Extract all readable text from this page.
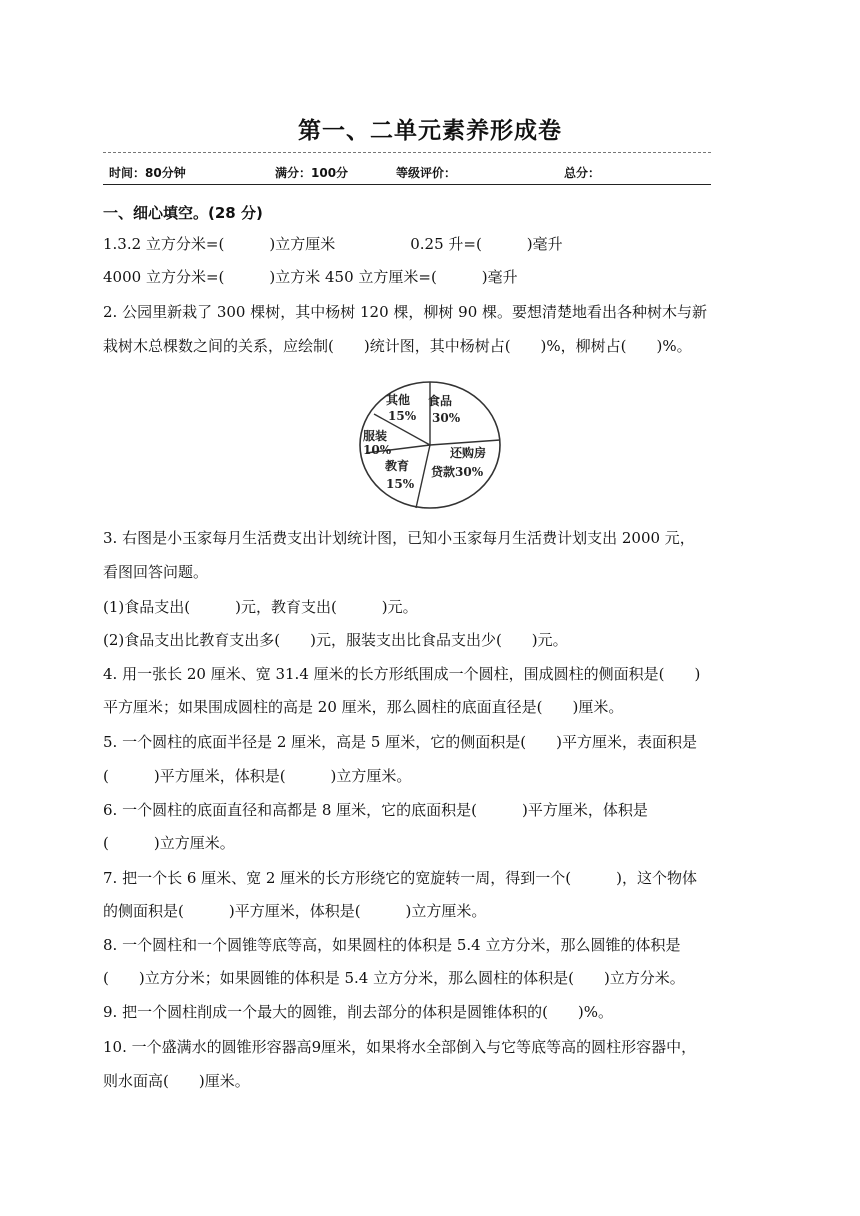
第一、二单元素养形成卷
时间：80分钟	满分：100分	等级评价：	总分：
一、细心填空。(28 分)
1.3.2 立方分米=(　　　)立方厘米　　　　　0.25 升=(　　　)毫升
4000 立方分米=(　　　)立方米 450 立方厘米=(　　　)毫升
2. 公园里新栽了 300 棵树，其中杨树 120 棵，柳树 90 棵。要想清楚地看出各种树木与新
栽树木总棵数之间的关系，应绘制(　　)统计图，其中杨树占(　　)%，柳树占(　　)%。
食品
30%
其他
15%
服装
10%
教育
15%
还购房
贷款30%
3. 右图是小玉家每月生活费支出计划统计图，已知小玉家每月生活费计划支出 2000 元，
看图回答问题。
(1)食品支出(　　　)元，教育支出(　　　)元。
(2)食品支出比教育支出多(　　)元，服装支出比食品支出少(　　)元。
4. 用一张长 20 厘米、宽 31.4 厘米的长方形纸围成一个圆柱，围成圆柱的侧面积是(　　)
平方厘米；如果围成圆柱的高是 20 厘米，那么圆柱的底面直径是(　　)厘米。
5. 一个圆柱的底面半径是 2 厘米，高是 5 厘米，它的侧面积是(　　)平方厘米，表面积是
(　　　)平方厘米，体积是(　　　)立方厘米。
6. 一个圆柱的底面直径和高都是 8 厘米，它的底面积是(　　　)平方厘米，体积是
(　　　)立方厘米。
7. 把一个长 6 厘米、宽 2 厘米的长方形绕它的宽旋转一周，得到一个(　　　)，这个物体
的侧面积是(　　　)平方厘米，体积是(　　　)立方厘米。
8. 一个圆柱和一个圆锥等底等高，如果圆柱的体积是 5.4 立方分米，那么圆锥的体积是
(　　)立方分米；如果圆锥的体积是 5.4 立方分米，那么圆柱的体积是(　　)立方分米。
9. 把一个圆柱削成一个最大的圆锥，削去部分的体积是圆锥体积的(　　)%。
10. 一个盛满水的圆锥形容器高9厘米，如果将水全部倒入与它等底等高的圆柱形容器中，
则水面高(　　)厘米。
